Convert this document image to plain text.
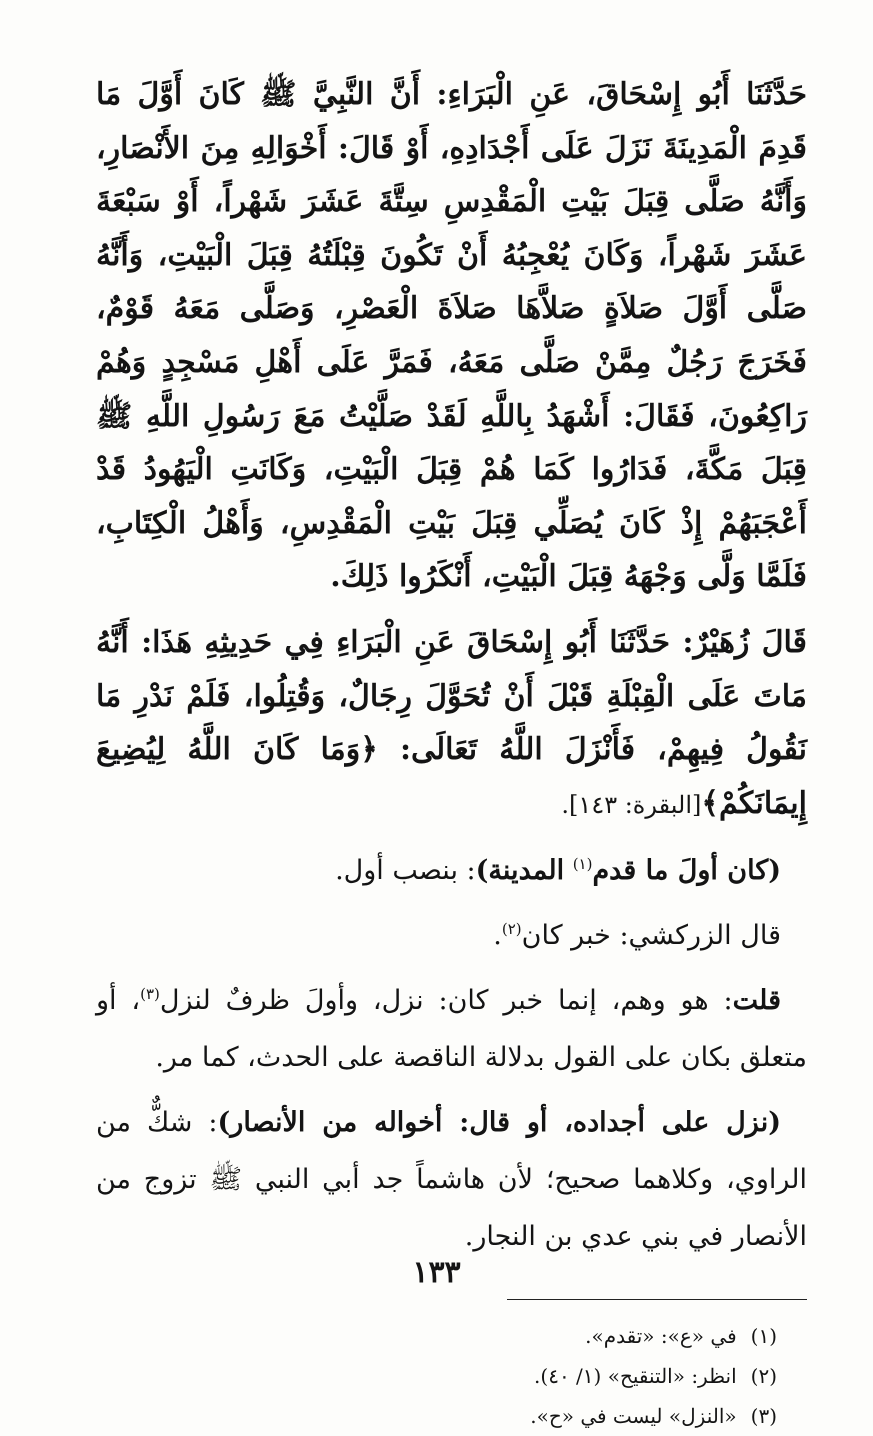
حَدَّثَنَا أَبُو إِسْحَاقَ، عَنِ الْبَرَاءِ: أَنَّ النَّبِيَّ ﷺ كَانَ أَوَّلَ مَا قَدِمَ الْمَدِينَةَ نَزَلَ عَلَى أَجْدَادِهِ، أَوْ قَالَ: أَخْوَالِهِ مِنَ الأَنْصَارِ، وَأَنَّهُ صَلَّى قِبَلَ بَيْتِ الْمَقْدِسِ سِتَّةَ عَشَرَ شَهْراً، أَوْ سَبْعَةَ عَشَرَ شَهْراً، وَكَانَ يُعْجِبُهُ أَنْ تَكُونَ قِبْلَتُهُ قِبَلَ الْبَيْتِ، وَأَنَّهُ صَلَّى أَوَّلَ صَلاَةٍ صَلاَّهَا صَلاَةَ الْعَصْرِ، وَصَلَّى مَعَهُ قَوْمٌ، فَخَرَجَ رَجُلٌ مِمَّنْ صَلَّى مَعَهُ، فَمَرَّ عَلَى أَهْلِ مَسْجِدٍ وَهُمْ رَاكِعُونَ، فَقَالَ: أَشْهَدُ بِاللَّهِ لَقَدْ صَلَّيْتُ مَعَ رَسُولِ اللَّهِ ﷺ قِبَلَ مَكَّةَ، فَدَارُوا كَمَا هُمْ قِبَلَ الْبَيْتِ، وَكَانَتِ الْيَهُودُ قَدْ أَعْجَبَهُمْ إِذْ كَانَ يُصَلِّي قِبَلَ بَيْتِ الْمَقْدِسِ، وَأَهْلُ الْكِتَابِ، فَلَمَّا وَلَّى وَجْهَهُ قِبَلَ الْبَيْتِ، أَنْكَرُوا ذَلِكَ.

قَالَ زُهَيْرٌ: حَدَّثَنَا أَبُو إِسْحَاقَ عَنِ الْبَرَاءِ فِي حَدِيثِهِ هَذَا: أَنَّهُ مَاتَ عَلَى الْقِبْلَةِ قَبْلَ أَنْ تُحَوَّلَ رِجَالٌ، وَقُتِلُوا، فَلَمْ نَدْرِ مَا نَقُولُ فِيهِمْ، فَأَنْزَلَ اللَّهُ تَعَالَى: ﴿وَمَا كَانَ اللَّهُ لِيُضِيعَ إِيمَانَكُمْ﴾[البقرة: ١٤٣].

(كان أولَ ما قدم$^{(١)}$ المدينة): بنصب أول.

قال الزركشي: خبر كان$^{(٢)}$.

قلت: هو وهم، إنما خبر كان: نزل، وأولَ ظرفٌ لنزل$^{(٣)}$، أو متعلق بكان على القول بدلالة الناقصة على الحدث، كما مر.

(نزل على أجداده، أو قال: أخواله من الأنصار): شكٌّ من الراوي، وكلاهما صحيح؛ لأن هاشماً جد أبي النبي ﷺ تزوج من الأنصار في بني عدي بن النجار.

(١)في «ع»: «تقدم».
(٢)انظر: «التنقيح» (١/ ٤٠).
(٣)«النزل» ليست في «ح».
١٣٣
